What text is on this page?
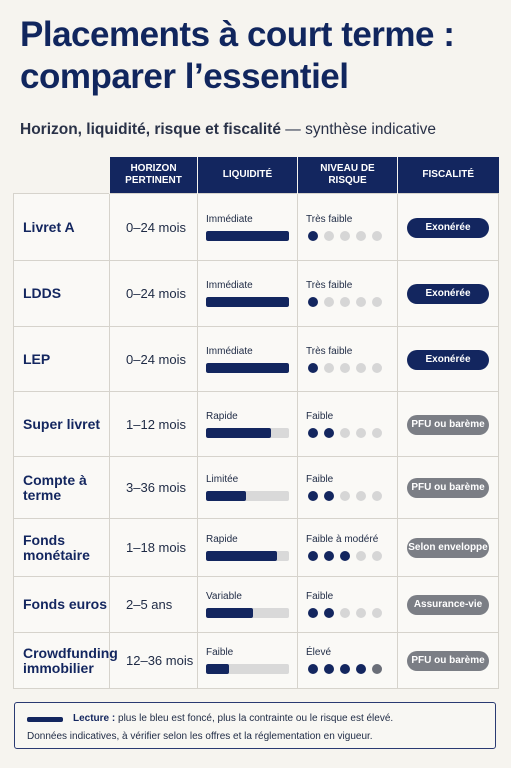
Placements à court terme : comparer l’essentiel

Horizon, liquidité, risque et fiscalité — synthèse indicative

	HORIZON PERTINENT	LIQUIDITÉ	NIVEAU DE RISQUE	FISCALITÉ
Livret A	0–24 mois	Immédiate	Très faible	Exonérée
LDDS	0–24 mois	Immédiate	Très faible	Exonérée
LEP	0–24 mois	Immédiate	Très faible	Exonérée
Super livret	1–12 mois	Rapide	Faible	PFU ou barème
Compte à terme	3–36 mois	Limitée	Faible	PFU ou barème
Fonds monétaire	1–18 mois	Rapide	Faible à modéré	Selon enveloppe
Fonds euros	2–5 ans	Variable	Faible	Assurance-vie
Crowdfunding immobilier	12–36 mois	Faible	Élevé	PFU ou barème
Lecture : plus le bleu est foncé, plus la contrainte ou le risque est élevé.
Données indicatives, à vérifier selon les offres et la réglementation en vigueur.
